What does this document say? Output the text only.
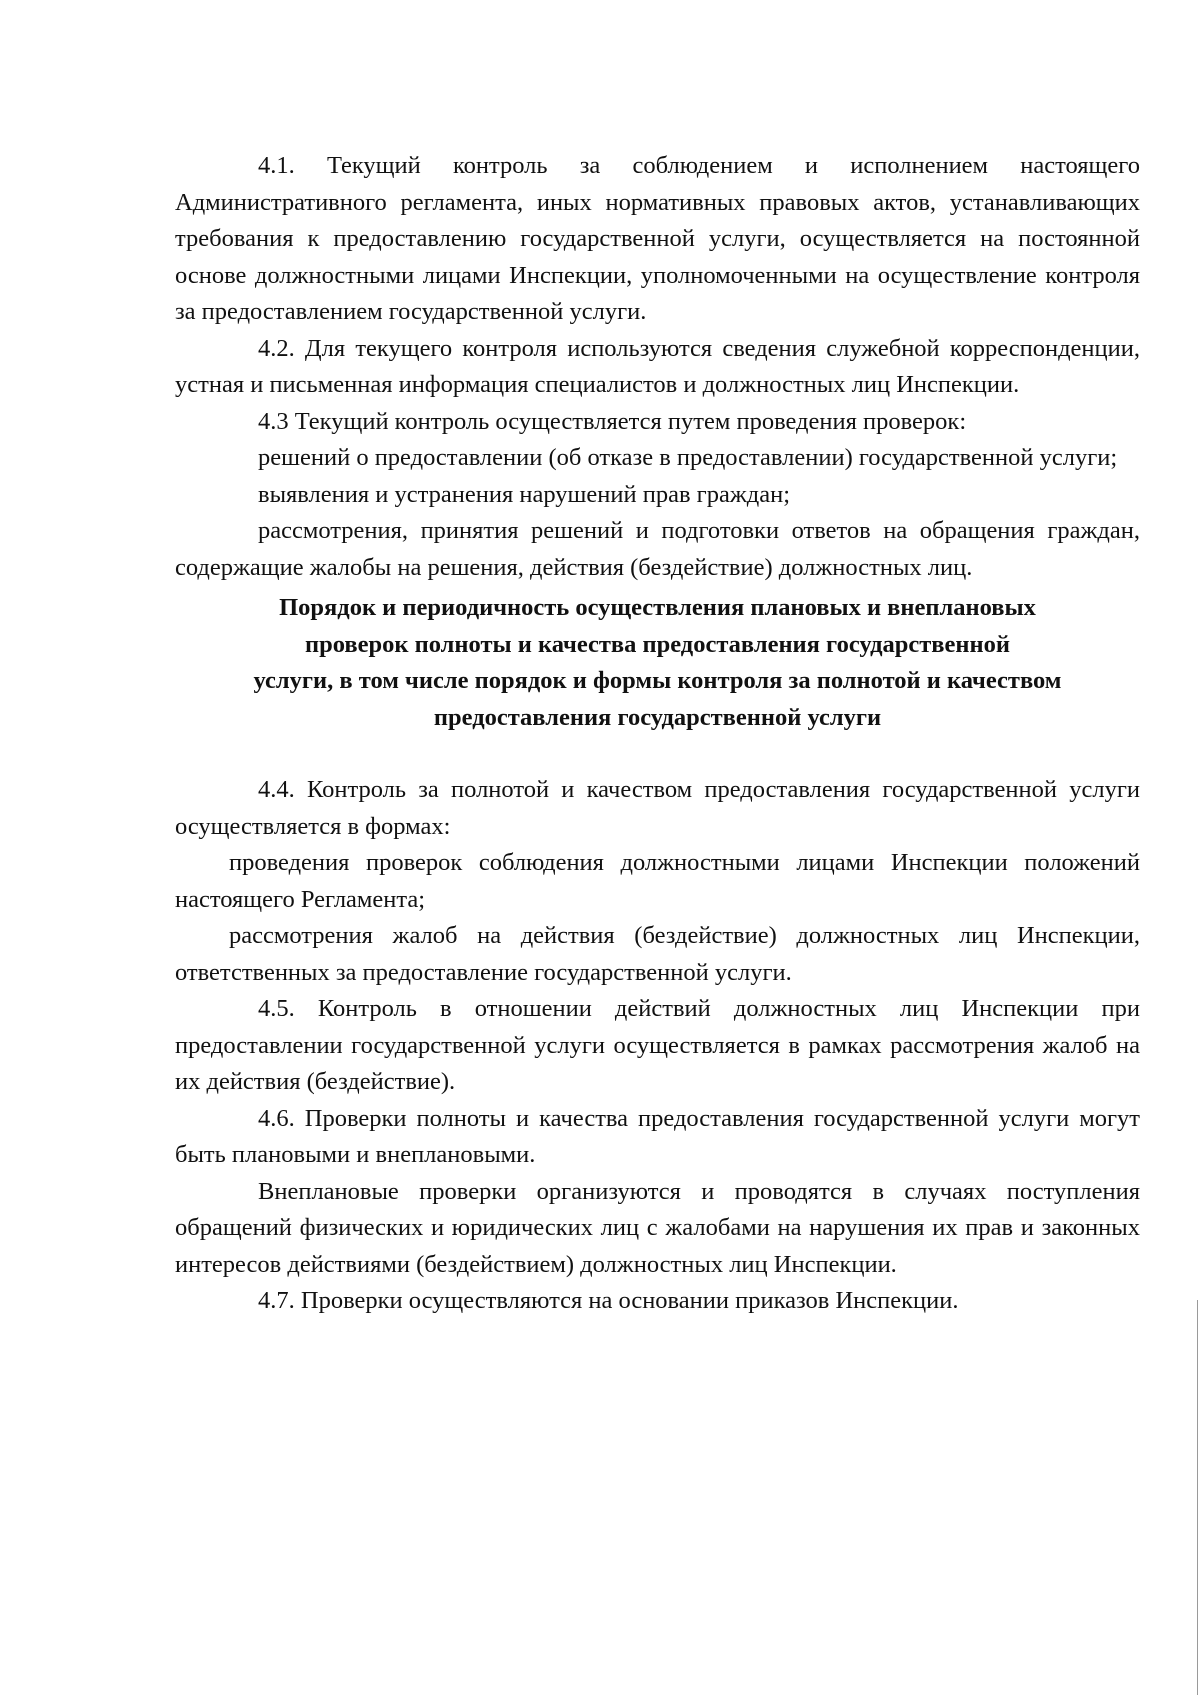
4.1. Текущий контроль за соблюдением и исполнением настоящего Административного регламента, иных нормативных правовых актов, устанавливающих требования к предоставлению государственной услуги, осуществляется на постоянной основе должностными лицами Инспекции, уполномоченными на осуществление контроля за предоставлением государственной услуги.

4.2. Для текущего контроля используются сведения служебной корреспонденции, устная и письменная информация специалистов и должностных лиц Инспекции.

4.3 Текущий контроль осуществляется путем проведения проверок:

решений о предоставлении (об отказе в предоставлении) государственной услуги;

выявления и устранения нарушений прав граждан;

рассмотрения, принятия решений и подготовки ответов на обращения граждан, содержащие жалобы на решения, действия (бездействие) должностных лиц.

Порядок и периодичность осуществления плановых и внеплановых
проверок полноты и качества предоставления государственной
услуги, в том числе порядок и формы контроля за полнотой и качеством
предоставления государственной услуги

4.4. Контроль за полнотой и качеством предоставления государственной услуги осуществляется в формах:

проведения проверок соблюдения должностными лицами Инспекции положений настоящего Регламента;

рассмотрения жалоб на действия (бездействие) должностных лиц Инспекции, ответственных за предоставление государственной услуги.

4.5. Контроль в отношении действий должностных лиц Инспекции при предоставлении государственной услуги осуществляется в рамках рассмотрения жалоб на их действия (бездействие).

4.6. Проверки полноты и качества предоставления государственной услуги могут быть плановыми и внеплановыми.

Внеплановые проверки организуются и проводятся в случаях поступления обращений физических и юридических лиц с жалобами на нарушения их прав и законных интересов действиями (бездействием) должностных лиц Инспекции.

4.7. Проверки осуществляются на основании приказов Инспекции.
